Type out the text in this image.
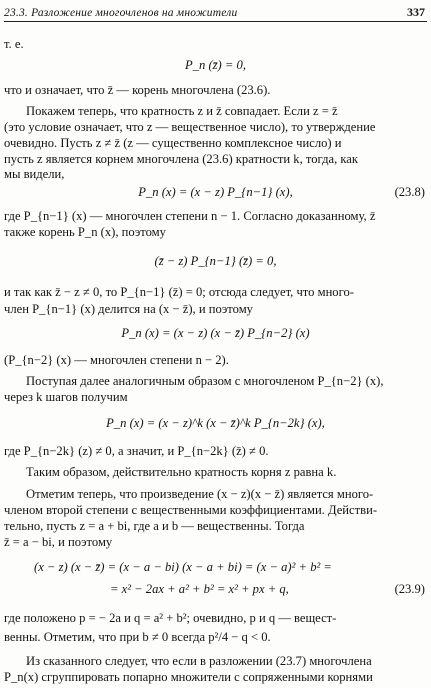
23.3. Разложение многочленов на множители	337
т. е.
P_n (z̄) = 0,
что и означает, что z̄ — корень многочлена (23.6).
Покажем теперь, что кратность z и z̄ совпадает. Если z = z̄
(это условие означает, что z — вещественное число), то утверждение
очевидно. Пусть z ≠ z̄ (z — существенно комплексное число) и
пусть z является корнем многочлена (23.6) кратности k, тогда, как
мы видели,
P_n (x) = (x − z) P_{n−1} (x),	(23.8)
где P_{n−1} (x) — многочлен степени n − 1. Согласно доказанному, z̄
также корень P_n (x), поэтому
(z̄ − z) P_{n−1} (z̄) = 0,
и так как z̄ − z ≠ 0, то P_{n−1} (z̄) = 0; отсюда следует, что много-
член P_{n−1} (x) делится на (x − z̄), и поэтому
P_n (x) = (x − z) (x − z̄) P_{n−2} (x)
(P_{n−2} (x) — многочлен степени n − 2).
Поступая далее аналогичным образом с многочленом P_{n−2} (x),
через k шагов получим
P_n (x) = (x − z)^k (x − z̄)^k P_{n−2k} (x),
где P_{n−2k} (z) ≠ 0, а значит, и P_{n−2k} (z̄) ≠ 0.
Таким образом, действительно кратность корня z равна k.
Отметим теперь, что произведение (x − z)(x − z̄) является много-
членом второй степени с вещественными коэффициентами. Действи-
тельно, пусть z = a + bi, где a и b — вещественны. Тогда
z̄ = a − bi, и поэтому
(x − z) (x − z̄) = (x − a − bi) (x − a + bi) = (x − a)² + b² =
= x² − 2ax + a² + b² = x² + px + q,	(23.9)
где положено p = − 2a и q = a² + b²; очевидно, p и q — вещест-
венны. Отметим, что при b ≠ 0 всегда p²/4 − q < 0.
Из сказанного следует, что если в разложении (23.7) многочлена
P_n(x) сгруппировать попарно множители с сопряженными корнями
